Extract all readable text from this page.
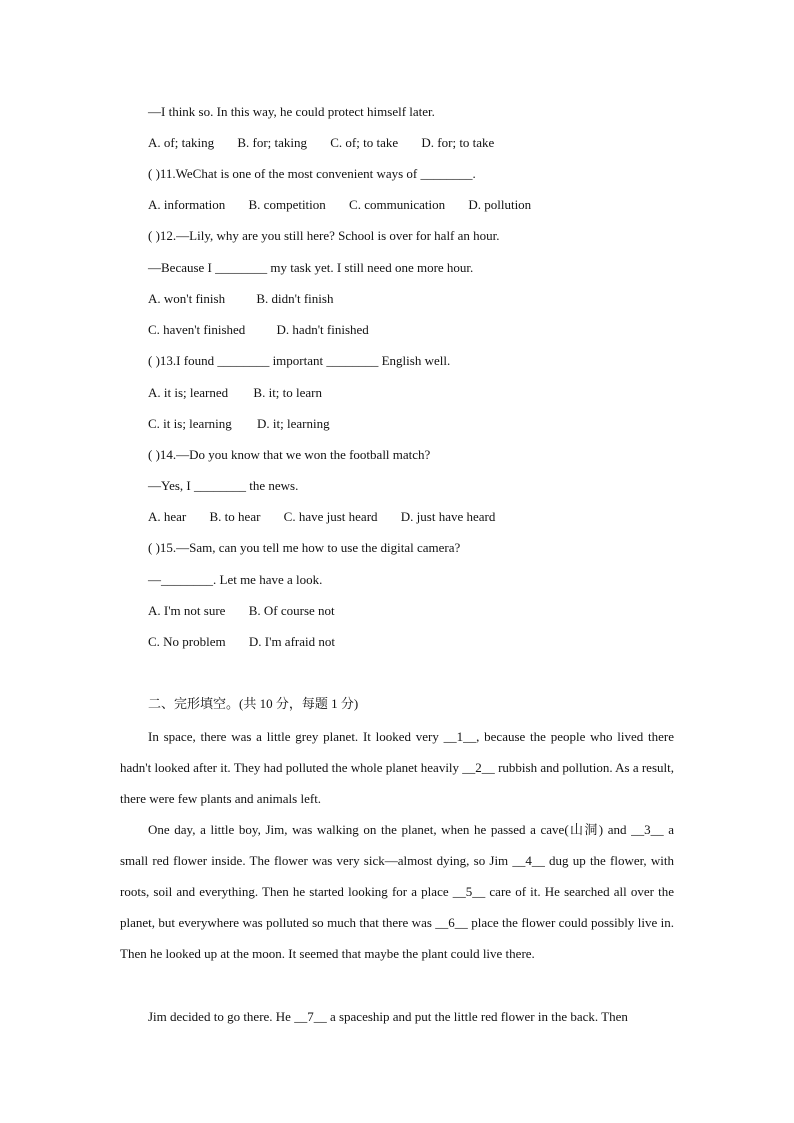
—I think so. In this way, he could protect himself later.
A. of; taking B. for; taking C. of; to take D. for; to take
( )11.WeChat is one of the most convenient ways of ________.
A. information B. competition C. communication D. pollution
( )12.—Lily, why are you still here? School is over for half an hour.
—Because I ________ my task yet. I still need one more hour.
A. won't finish B. didn't finish
C. haven't finished D. hadn't finished
( )13.I found ________ important ________ English well.
A. it is; learned B. it; to learn
C. it is; learning D. it; learning
( )14.—Do you know that we won the football match?
—Yes, I ________ the news.
A. hear B. to hear C. have just heard D. just have heard
( )15.—Sam, can you tell me how to use the digital camera?
—________. Let me have a look.
A. I'm not sure B. Of course not
C. No problem D. I'm afraid not
二、完形填空。(共 10 分，每题 1 分)
In space, there was a little grey planet. It looked very __1__, because the people who lived there hadn't looked after it. They had polluted the whole planet heavily __2__ rubbish and pollution. As a result, there were few plants and animals left.
One day, a little boy, Jim, was walking on the planet, when he passed a cave(山洞) and __3__ a small red flower inside. The flower was very sick—almost dying, so Jim __4__ dug up the flower, with roots, soil and everything. Then he started looking for a place __5__ care of it. He searched all over the planet, but everywhere was polluted so much that there was __6__ place the flower could possibly live in. Then he looked up at the moon. It seemed that maybe the plant could live there.
Jim decided to go there. He __7__ a spaceship and put the little red flower in the back. Then
